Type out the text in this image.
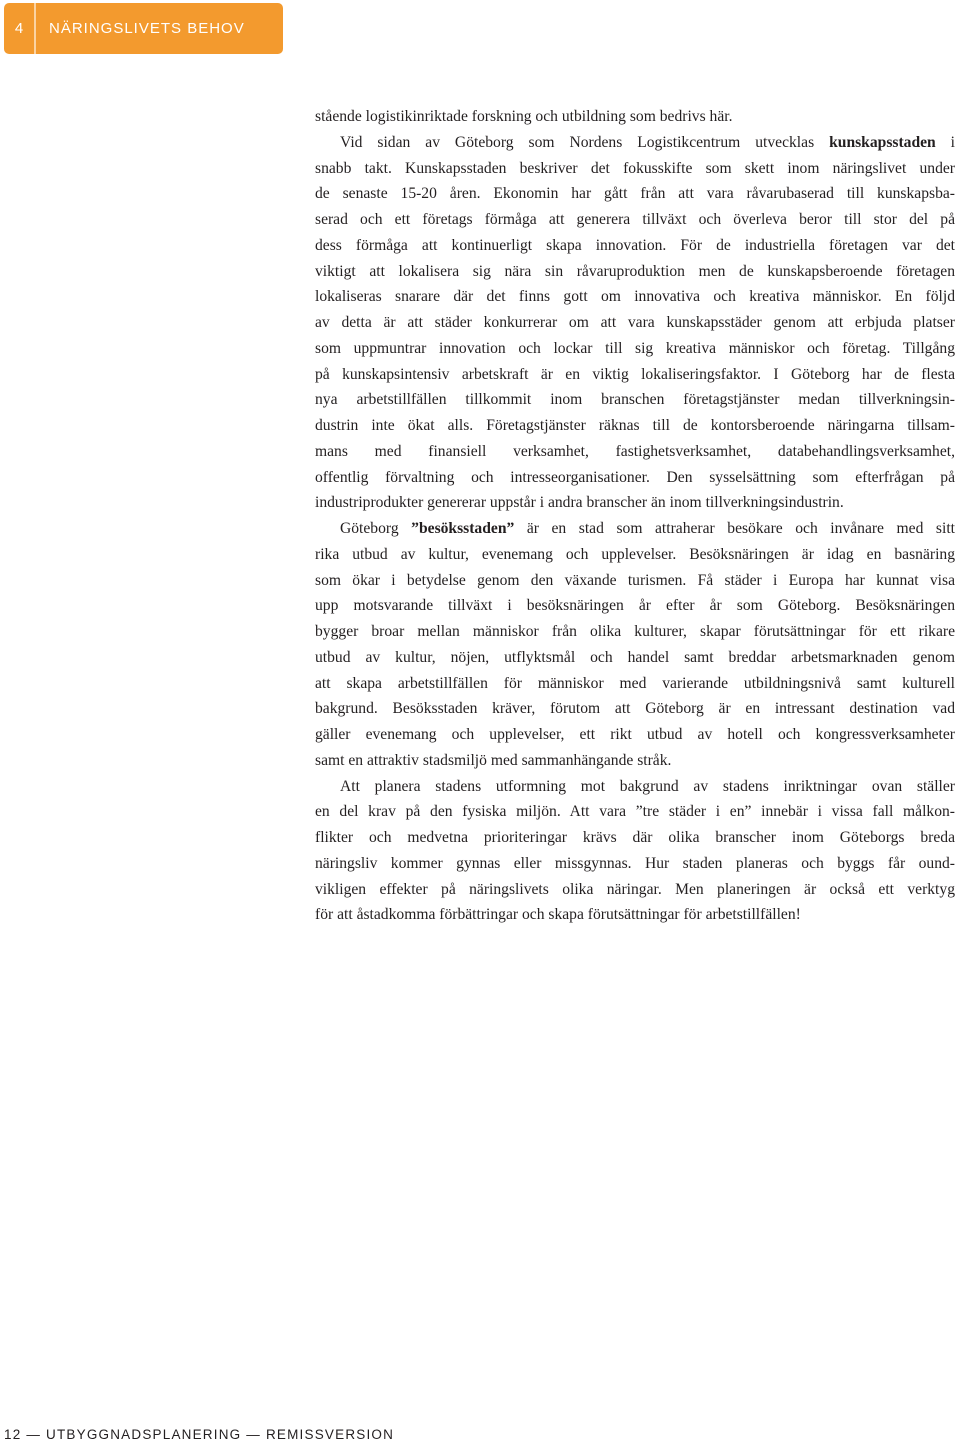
4	NÄRINGSLIVETS BEHOV
stående logistikinriktade forskning och utbildning som bedrivs här.
Vid sidan av Göteborg som Nordens Logistikcentrum utvecklas kunskapsstaden i
snabb takt. Kunskapsstaden beskriver det fokusskifte som skett inom näringslivet under
de senaste 15-20 åren. Ekonomin har gått från att vara råvarubaserad till kunskapsba-
serad och ett företags förmåga att generera tillväxt och överleva beror till stor del på
dess förmåga att kontinuerligt skapa innovation. För de industriella företagen var det
viktigt att lokalisera sig nära sin råvaruproduktion men de kunskapsberoende företagen
lokaliseras snarare där det finns gott om innovativa och kreativa människor. En följd
av detta är att städer konkurrerar om att vara kunskapsstäder genom att erbjuda platser
som uppmuntrar innovation och lockar till sig kreativa människor och företag. Tillgång
på kunskapsintensiv arbetskraft är en viktig lokaliseringsfaktor. I Göteborg har de flesta
nya arbetstillfällen tillkommit inom branschen företagstjänster medan tillverkningsin-
dustrin inte ökat alls. Företagstjänster räknas till de kontorsberoende näringarna tillsam-
mans med finansiell verksamhet, fastighetsverksamhet, databehandlingsverksamhet,
offentlig förvaltning och intresseorganisationer. Den sysselsättning som efterfrågan på
industriprodukter genererar uppstår i andra branscher än inom tillverkningsindustrin.
Göteborg ”besöksstaden” är en stad som attraherar besökare och invånare med sitt
rika utbud av kultur, evenemang och upplevelser. Besöksnäringen är idag en basnäring
som ökar i betydelse genom den växande turismen. Få städer i Europa har kunnat visa
upp motsvarande tillväxt i besöksnäringen år efter år som Göteborg. Besöksnäringen
bygger broar mellan människor från olika kulturer, skapar förutsättningar för ett rikare
utbud av kultur, nöjen, utflyktsmål och handel samt breddar arbetsmarknaden genom
att skapa arbetstillfällen för människor med varierande utbildningsnivå samt kulturell
bakgrund. Besöksstaden kräver, förutom att Göteborg är en intressant destination vad
gäller evenemang och upplevelser, ett rikt utbud av hotell och kongressverksamheter
samt en attraktiv stadsmiljö med sammanhängande stråk.
Att planera stadens utformning mot bakgrund av stadens inriktningar ovan ställer
en del krav på den fysiska miljön. Att vara ”tre städer i en” innebär i vissa fall målkon-
flikter och medvetna prioriteringar krävs där olika branscher inom Göteborgs breda
näringsliv kommer gynnas eller missgynnas. Hur staden planeras och byggs får ound-
vikligen effekter på näringslivets olika näringar. Men planeringen är också ett verktyg
för att åstadkomma förbättringar och skapa förutsättningar för arbetstillfällen!
12 — UTBYGGNADSPLANERING — REMISSVERSION
